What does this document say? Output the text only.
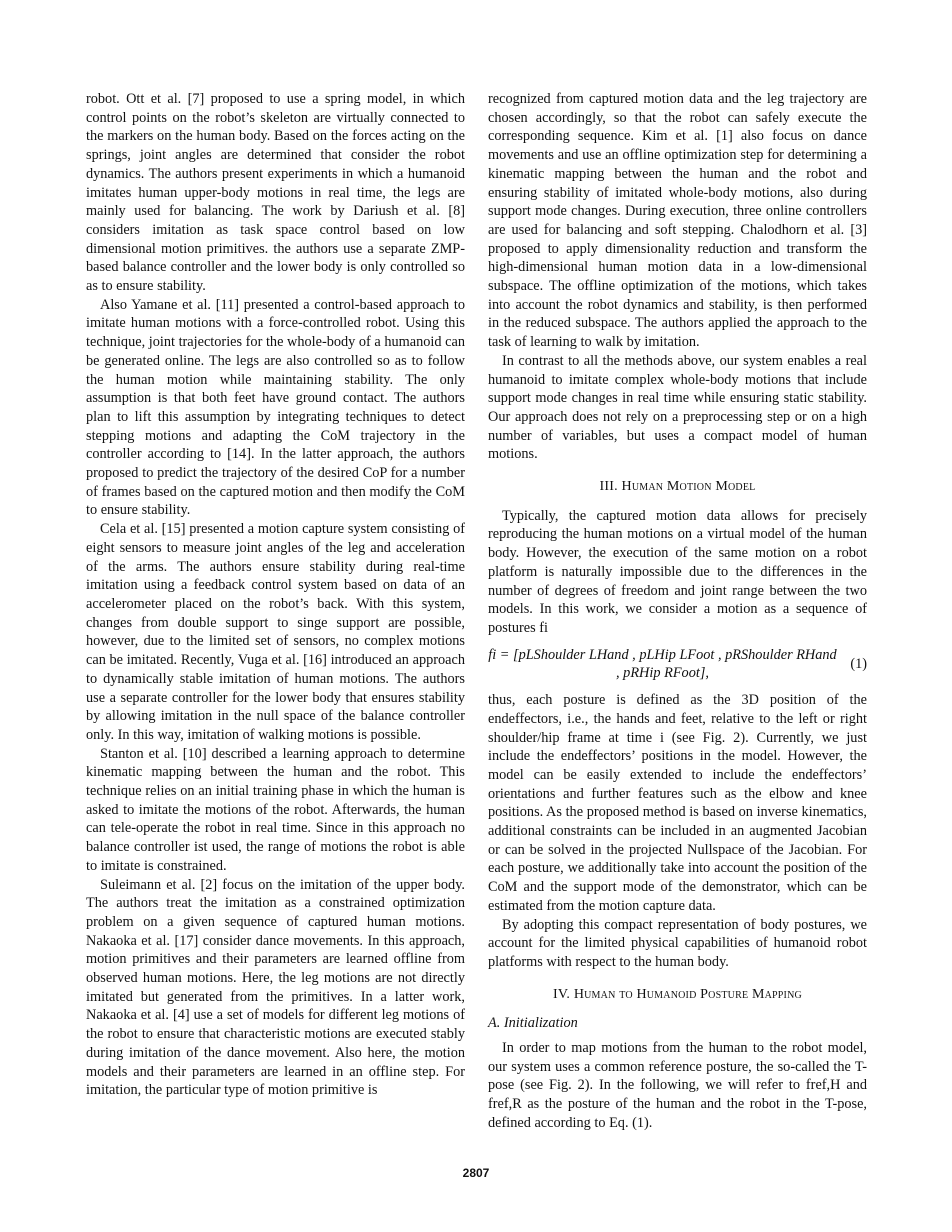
robot. Ott et al. [7] proposed to use a spring model, in which control points on the robot’s skeleton are virtually connected to the markers on the human body. Based on the forces acting on the springs, joint angles are determined that consider the robot dynamics. The authors present experiments in which a humanoid imitates human upper-body motions in real time, the legs are mainly used for balancing. The work by Dariush et al. [8] considers imitation as task space control based on low dimensional motion primitives. the authors use a separate ZMP-based balance controller and the lower body is only controlled so as to ensure stability.

Also Yamane et al. [11] presented a control-based approach to imitate human motions with a force-controlled robot. Using this technique, joint trajectories for the whole-body of a humanoid can be generated online. The legs are also controlled so as to follow the human motion while maintaining stability. The only assumption is that both feet have ground contact. The authors plan to lift this assumption by integrating techniques to detect stepping motions and adapting the CoM trajectory in the controller according to [14]. In the latter approach, the authors proposed to predict the trajectory of the desired CoP for a number of frames based on the captured motion and then modify the CoM to ensure stability.

Cela et al. [15] presented a motion capture system consisting of eight sensors to measure joint angles of the leg and acceleration of the arms. The authors ensure stability during real-time imitation using a feedback control system based on data of an accelerometer placed on the robot’s back. With this system, changes from double support to singe support are possible, however, due to the limited set of sensors, no complex motions can be imitated. Recently, Vuga et al. [16] introduced an approach to dynamically stable imitation of human motions. The authors use a separate controller for the lower body that ensures stability by allowing imitation in the null space of the balance controller only. In this way, imitation of walking motions is possible.

Stanton et al. [10] described a learning approach to determine kinematic mapping between the human and the robot. This technique relies on an initial training phase in which the human is asked to imitate the motions of the robot. Afterwards, the human can tele-operate the robot in real time. Since in this approach no balance controller ist used, the range of motions the robot is able to imitate is constrained.

Suleimann et al. [2] focus on the imitation of the upper body. The authors treat the imitation as a constrained optimization problem on a given sequence of captured human motions. Nakaoka et al. [17] consider dance movements. In this approach, motion primitives and their parameters are learned offline from observed human motions. Here, the leg motions are not directly imitated but generated from the primitives. In a latter work, Nakaoka et al. [4] use a set of models for different leg motions of the robot to ensure that characteristic motions are executed stably during imitation of the dance movement. Also here, the motion models and their parameters are learned in an offline step. For imitation, the particular type of motion primitive is

recognized from captured motion data and the leg trajectory are chosen accordingly, so that the robot can safely execute the corresponding sequence. Kim et al. [1] also focus on dance movements and use an offline optimization step for determining a kinematic mapping between the human and the robot and ensuring stability of imitated whole-body motions, also during support mode changes. During execution, three online controllers are used for balancing and soft stepping. Chalodhorn et al. [3] proposed to apply dimensionality reduction and transform the high-dimensional human motion data in a low-dimensional subspace. The offline optimization of the motions, which takes into account the robot dynamics and stability, is then performed in the reduced subspace. The authors applied the approach to the task of learning to walk by imitation.

In contrast to all the methods above, our system enables a real humanoid to imitate complex whole-body motions that include support mode changes in real time while ensuring static stability. Our approach does not rely on a preprocessing step or on a high number of variables, but uses a compact model of human motions.

III. Human Motion Model

Typically, the captured motion data allows for precisely reproducing the human motions on a virtual model of the human body. However, the execution of the same motion on a robot platform is naturally impossible due to the differences in the number of degrees of freedom and joint range between the two models. In this work, we consider a motion as a sequence of postures fi

fi = [pLShoulder LHand , pLHip LFoot , pRShoulder RHand , pRHip RFoot],
(1)

thus, each posture is defined as the 3D position of the endeffectors, i.e., the hands and feet, relative to the left or right shoulder/hip frame at time i (see Fig. 2). Currently, we just include the endeffectors’ positions in the model. However, the model can be easily extended to include the endeffectors’ orientations and further features such as the elbow and knee positions. As the proposed method is based on inverse kinematics, additional constraints can be included in an augmented Jacobian or can be solved in the projected Nullspace of the Jacobian. For each posture, we additionally take into account the position of the CoM and the support mode of the demonstrator, which can be estimated from the motion capture data.

By adopting this compact representation of body postures, we account for the limited physical capabilities of humanoid robot platforms with respect to the human body.

IV. Human to Humanoid Posture Mapping
A. Initialization

In order to map motions from the human to the robot model, our system uses a common reference posture, the so-called the T-pose (see Fig. 2). In the following, we will refer to fref,H and fref,R as the posture of the human and the robot in the T-pose, defined according to Eq. (1).

2807
